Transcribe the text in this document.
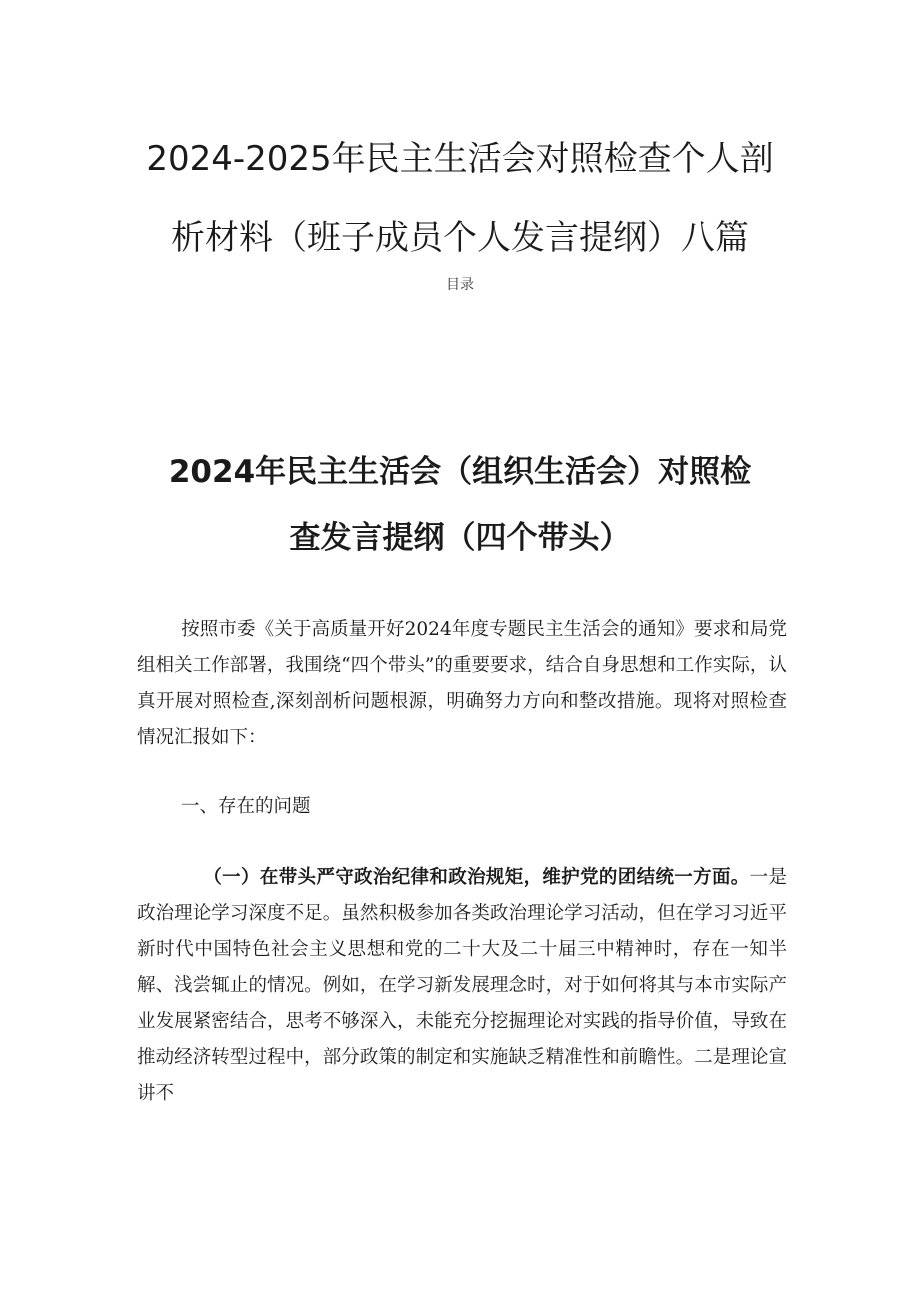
2024-2025年民主生活会对照检查个人剖
析材料（班子成员个人发言提纲）八篇
目录
2024年民主生活会（组织生活会）对照检
查发言提纲（四个带头）

按照市委《关于高质量开好2024年度专题民主生活会的通知》要求和局党组相关工作部署，我围绕“四个带头”的重要要求，结合自身思想和工作实际，认真开展对照检查,深刻剖析问题根源，明确努力方向和整改措施。现将对照检查情况汇报如下：

一、存在的问题

（一）在带头严守政治纪律和政治规矩，维护党的团结统一方面。一是政治理论学习深度不足。虽然积极参加各类政治理论学习活动，但在学习习近平新时代中国特色社会主义思想和党的二十大及二十届三中精神时，存在一知半解、浅尝辄止的情况。例如，在学习新发展理念时，对于如何将其与本市实际产业发展紧密结合，思考不够深入，未能充分挖掘理论对实践的指导价值，导致在推动经济转型过程中，部分政策的制定和实施缺乏精准性和前瞻性。二是理论宣讲不
